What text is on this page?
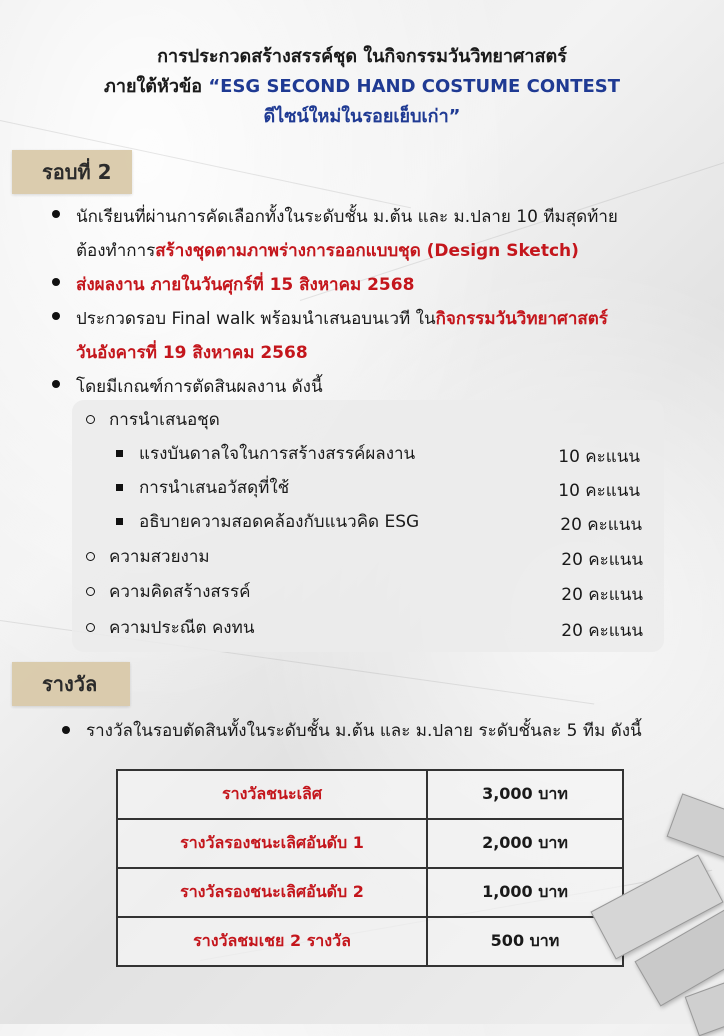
การประกวดสร้างสรรค์ชุด ในกิจกรรมวันวิทยาศาสตร์
ภายใต้หัวข้อ “ESG SECOND HAND COSTUME CONTEST
ดีไซน์ใหม่ในรอยเย็บเก่า”
รอบที่ 2
นักเรียนที่ผ่านการคัดเลือกทั้งในระดับชั้น ม.ต้น และ ม.ปลาย 10 ทีมสุดท้าย
ต้องทำการสร้างชุดตามภาพร่างการออกแบบชุด (Design Sketch)
ส่งผลงาน ภายในวันศุกร์ที่ 15 สิงหาคม 2568
ประกวดรอบ Final walk พร้อมนำเสนอบนเวที ในกิจกรรมวันวิทยาศาสตร์
วันอังคารที่ 19 สิงหาคม 2568
โดยมีเกณฑ์การตัดสินผลงาน ดังนี้
การนำเสนอชุด
แรงบันดาลใจในการสร้างสรรค์ผลงาน	10 คะแนน
การนำเสนอวัสดุที่ใช้	10 คะแนน
อธิบายความสอดคล้องกับแนวคิด ESG	20 คะแนน
ความสวยงาม	20 คะแนน
ความคิดสร้างสรรค์	20 คะแนน
ความประณีต คงทน	20 คะแนน
รางวัล
รางวัลในรอบตัดสินทั้งในระดับชั้น ม.ต้น และ ม.ปลาย ระดับชั้นละ 5 ทีม ดังนี้
รางวัลชนะเลิศ	3,000 บาท
รางวัลรองชนะเลิศอันดับ 1	2,000 บาท
รางวัลรองชนะเลิศอันดับ 2	1,000 บาท
รางวัลชมเชย 2 รางวัล	500 บาท
